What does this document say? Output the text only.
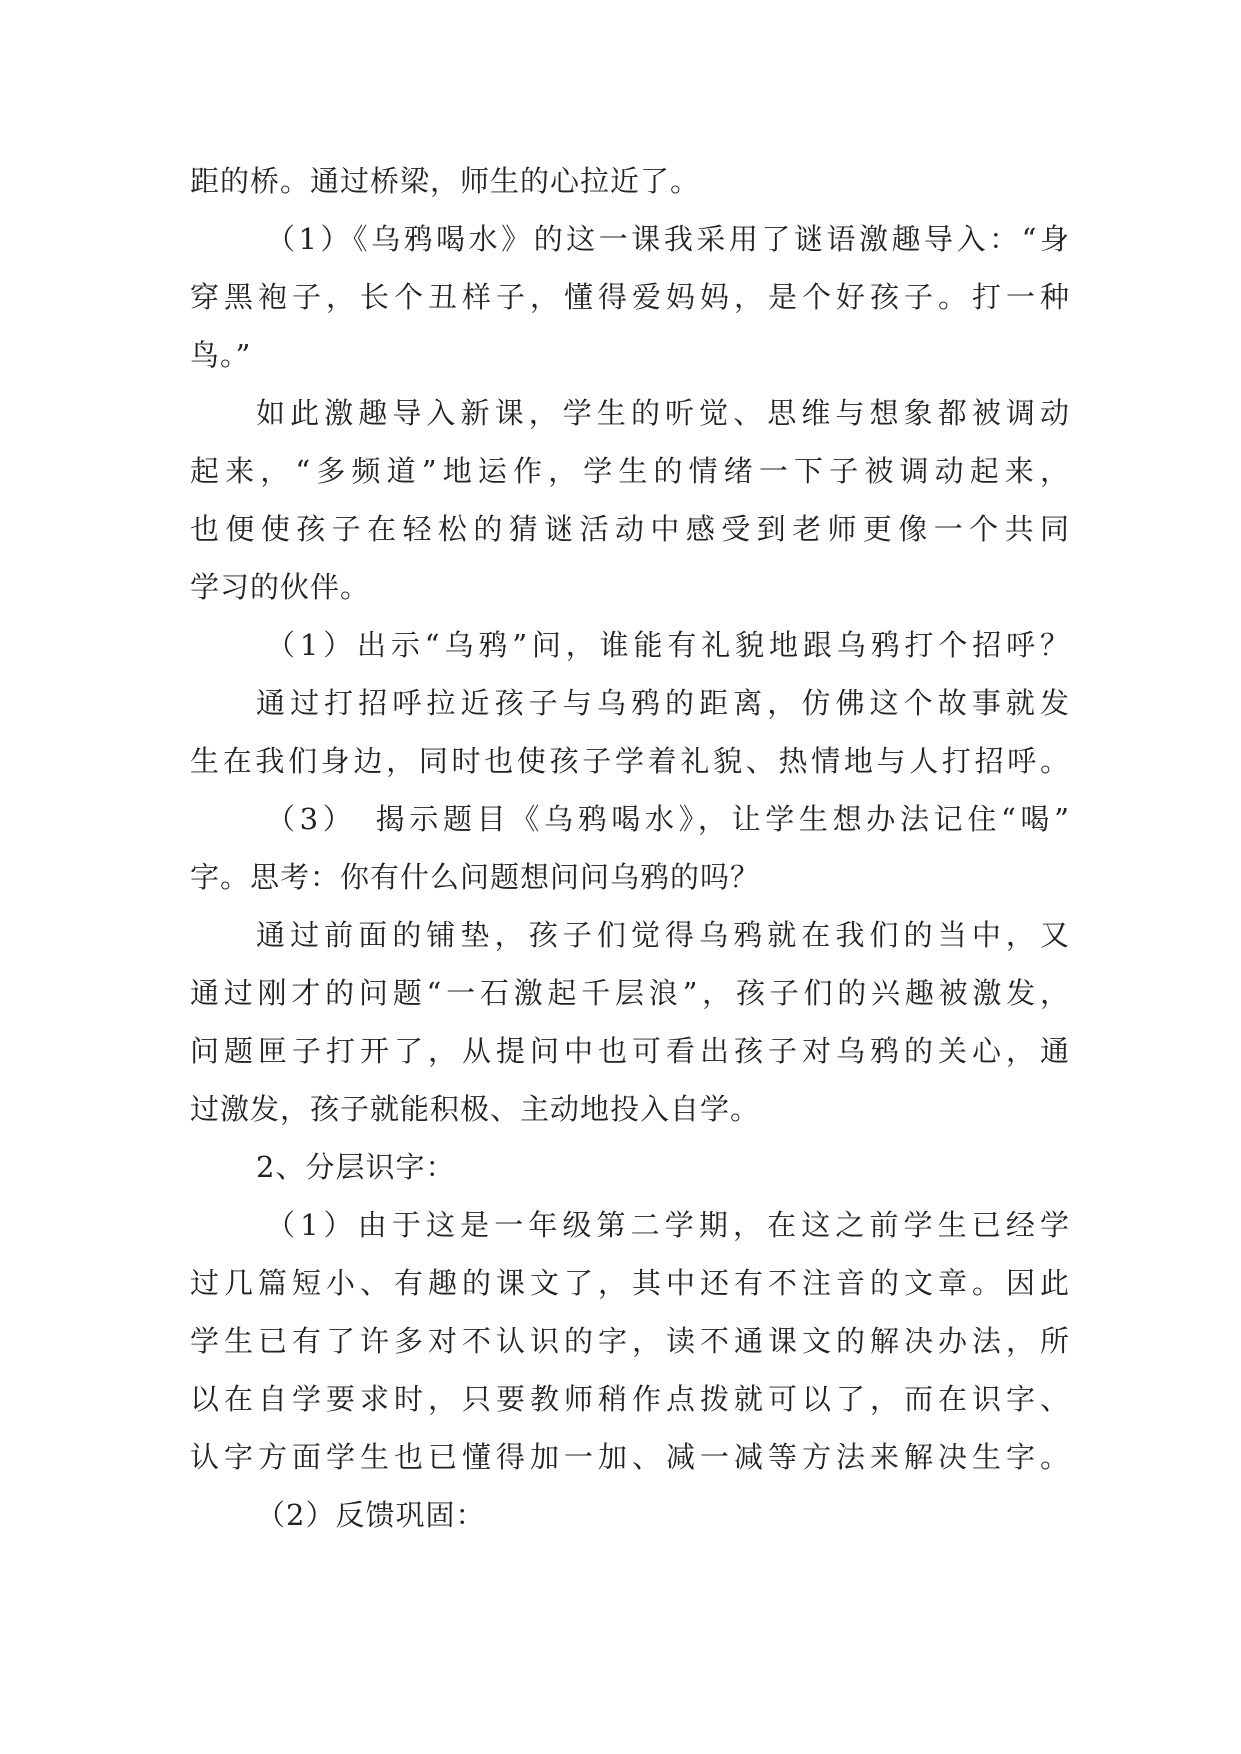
距的桥。通过桥梁，师生的心拉近了。
（1）《乌鸦喝水》的这一课我采用了谜语激趣导入：“身
穿黑袍子，长个丑样子，懂得爱妈妈，是个好孩子。打一种
鸟。”
如此激趣导入新课，学生的听觉、思维与想象都被调动
起来，“多频道”地运作，学生的情绪一下子被调动起来，
也便使孩子在轻松的猜谜活动中感受到老师更像一个共同
学习的伙伴。
（1）出示“乌鸦”问，谁能有礼貌地跟乌鸦打个招呼？
通过打招呼拉近孩子与乌鸦的距离，仿佛这个故事就发
生在我们身边，同时也使孩子学着礼貌、热情地与人打招呼。
（3）　揭示题目《乌鸦喝水》，让学生想办法记住“喝”
字。思考：你有什么问题想问问乌鸦的吗？
通过前面的铺垫，孩子们觉得乌鸦就在我们的当中，又
通过刚才的问题“一石激起千层浪”，孩子们的兴趣被激发，
问题匣子打开了，从提问中也可看出孩子对乌鸦的关心，通
过激发，孩子就能积极、主动地投入自学。
2、分层识字：
（1）由于这是一年级第二学期，在这之前学生已经学
过几篇短小、有趣的课文了，其中还有不注音的文章。因此
学生已有了许多对不认识的字，读不通课文的解决办法，所
以在自学要求时，只要教师稍作点拨就可以了，而在识字、
认字方面学生也已懂得加一加、减一减等方法来解决生字。
（2）反馈巩固：
